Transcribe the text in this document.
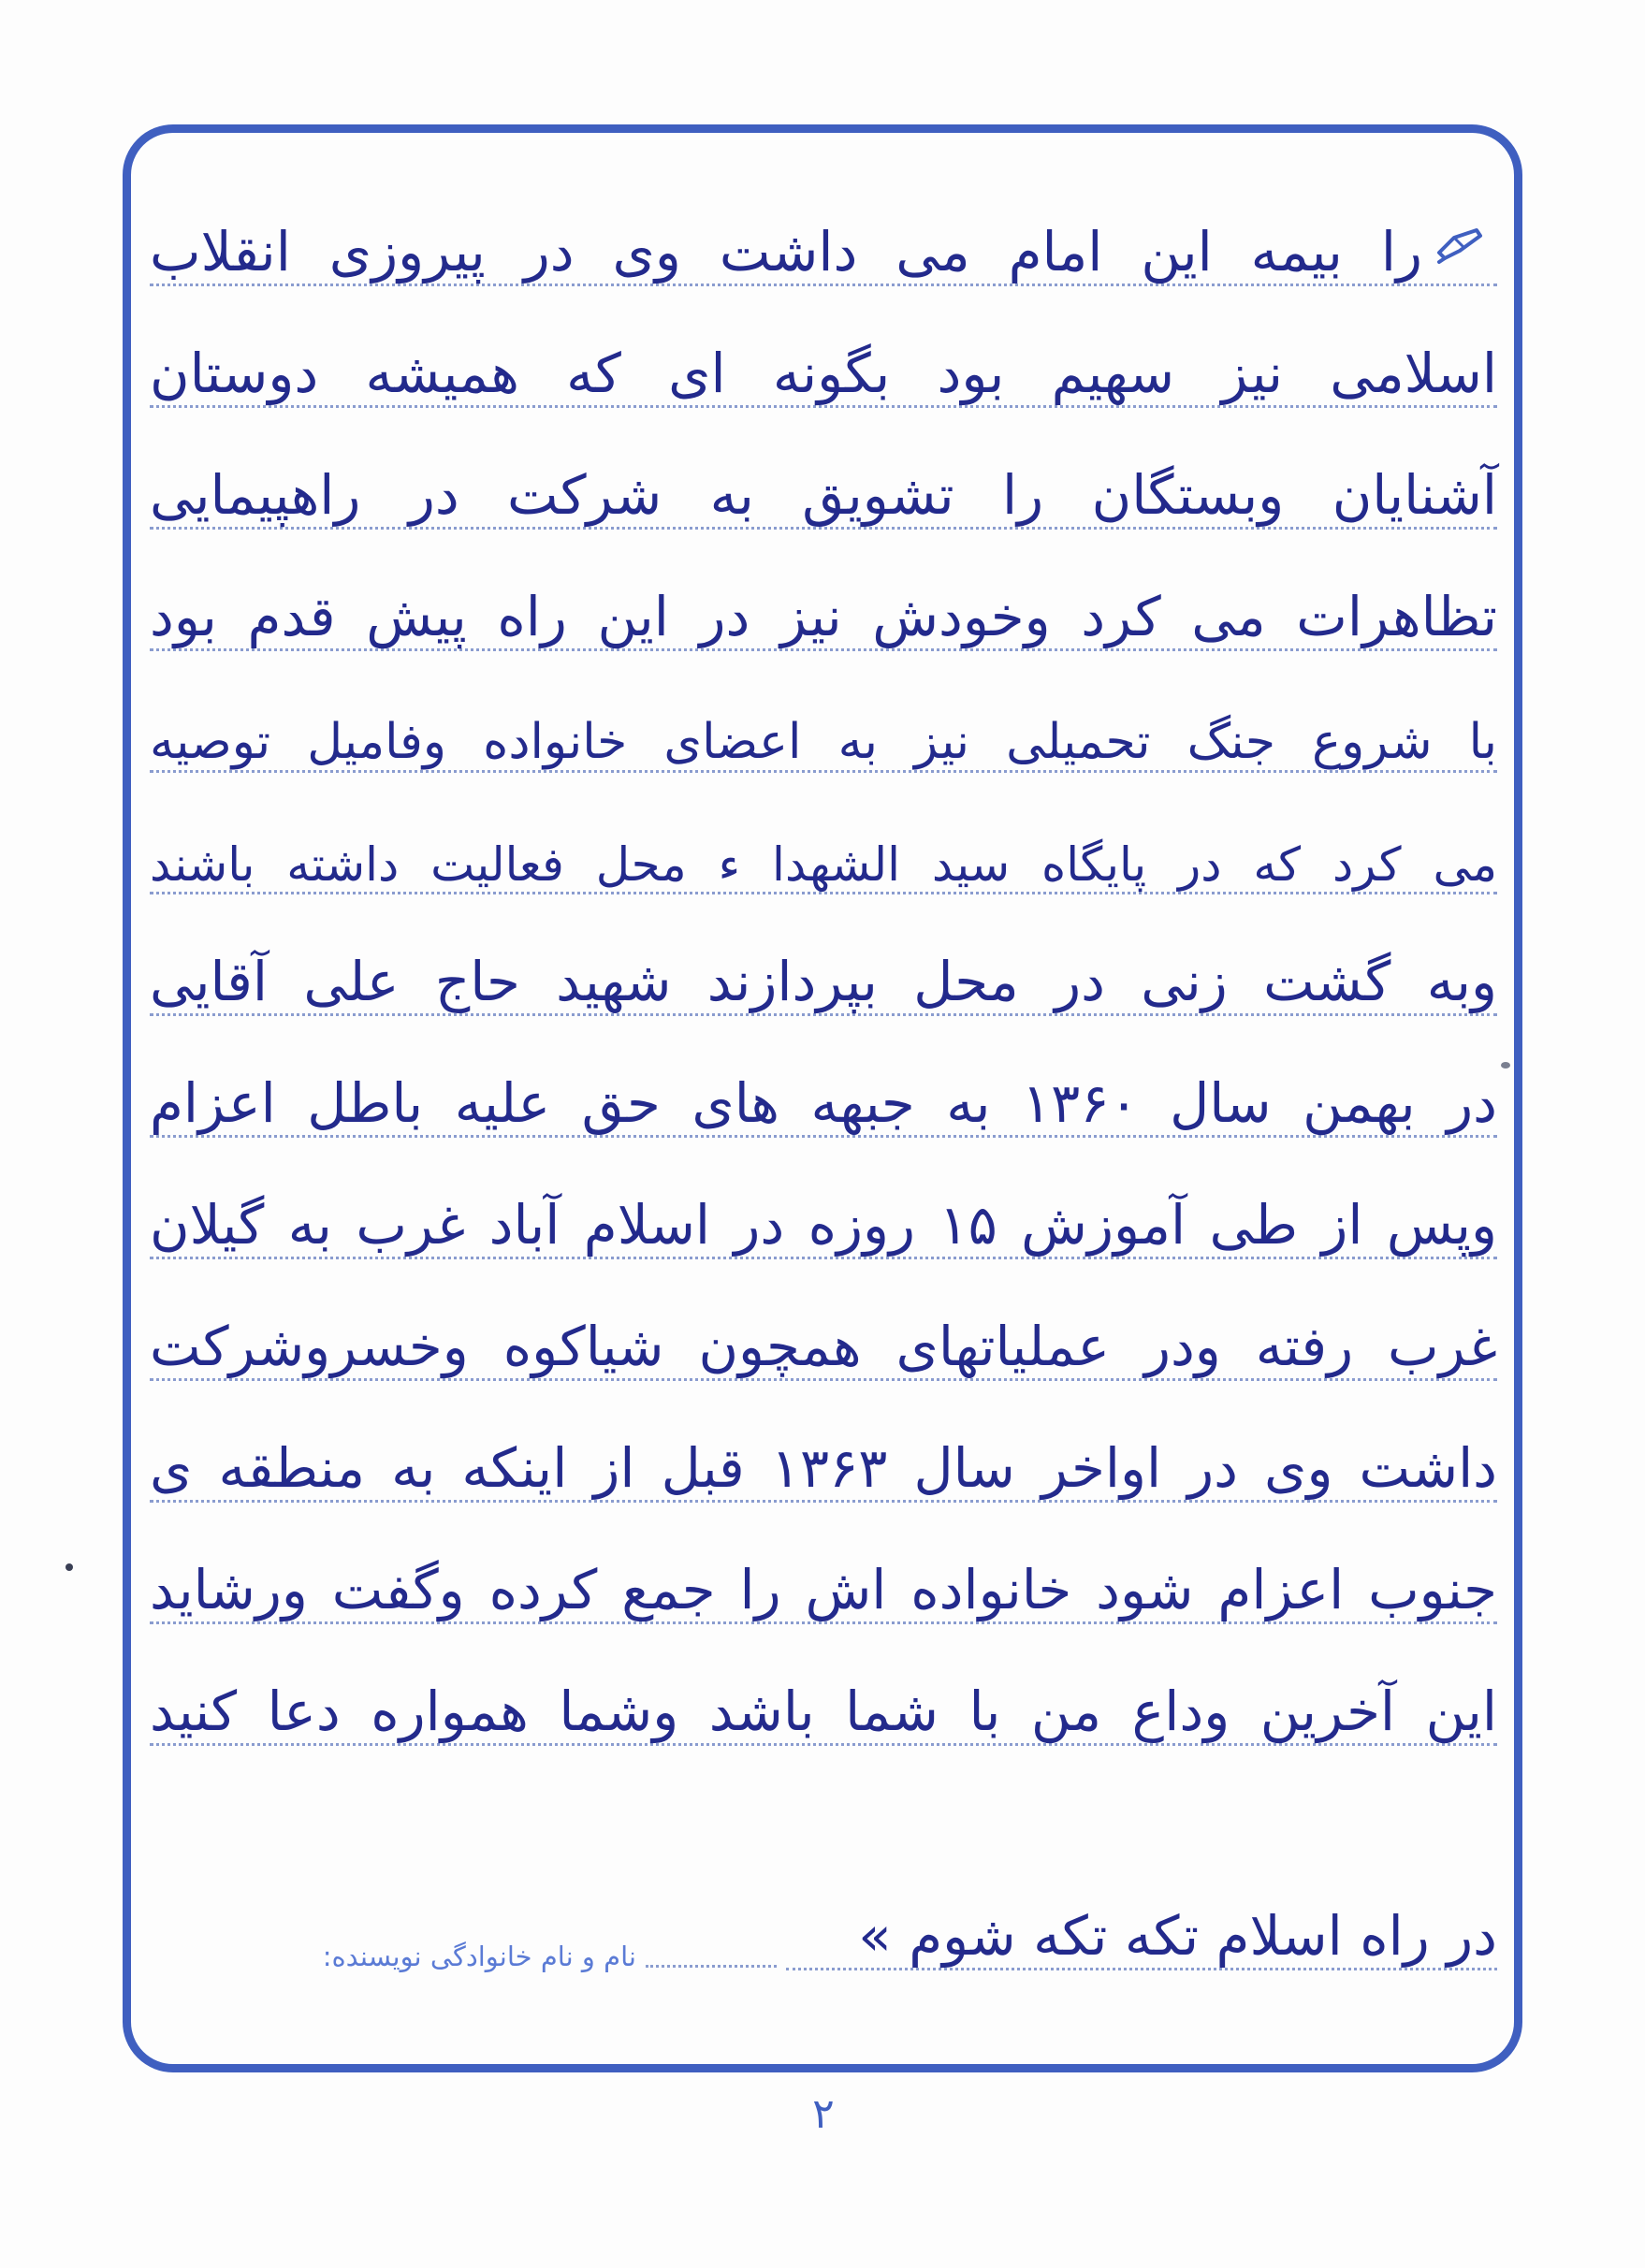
را بیمه این امام می داشت وی در پیروزی انقلاب
اسلامی نیز سهیم بود بگونه ای که همیشه دوستان
آشنایان وبستگان را تشویق به شرکت در راهپیمایی
تظاهرات می کرد وخودش نیز در این راه پیش قدم بود
با شروع جنگ تحمیلی نیز به اعضای خانواده وفامیل توصیه
می کرد که در پایگاه سید الشهدا ء محل فعالیت داشته باشند
وبه گشت زنی در محل بپردازند شهید حاج علی آقایی
در بهمن سال ۱۳۶۰ به جبهه های حق علیه باطل اعزام
وپس از طی آموزش ۱۵ روزه در اسلام آباد غرب به گیلان
غرب رفته ودر عملیاتهای همچون شیاکوه وخسروشرکت
داشت وی در اواخر سال ۱۳۶۳ قبل از اینکه به منطقه ی
جنوب اعزام شود خانواده اش را جمع کرده وگفت ورشاید
این آخرین وداع من با شما باشد وشما همواره دعا کنید
در راه اسلام تکه تکه شوم »
نام و نام خانوادگی نویسنده:
۲
